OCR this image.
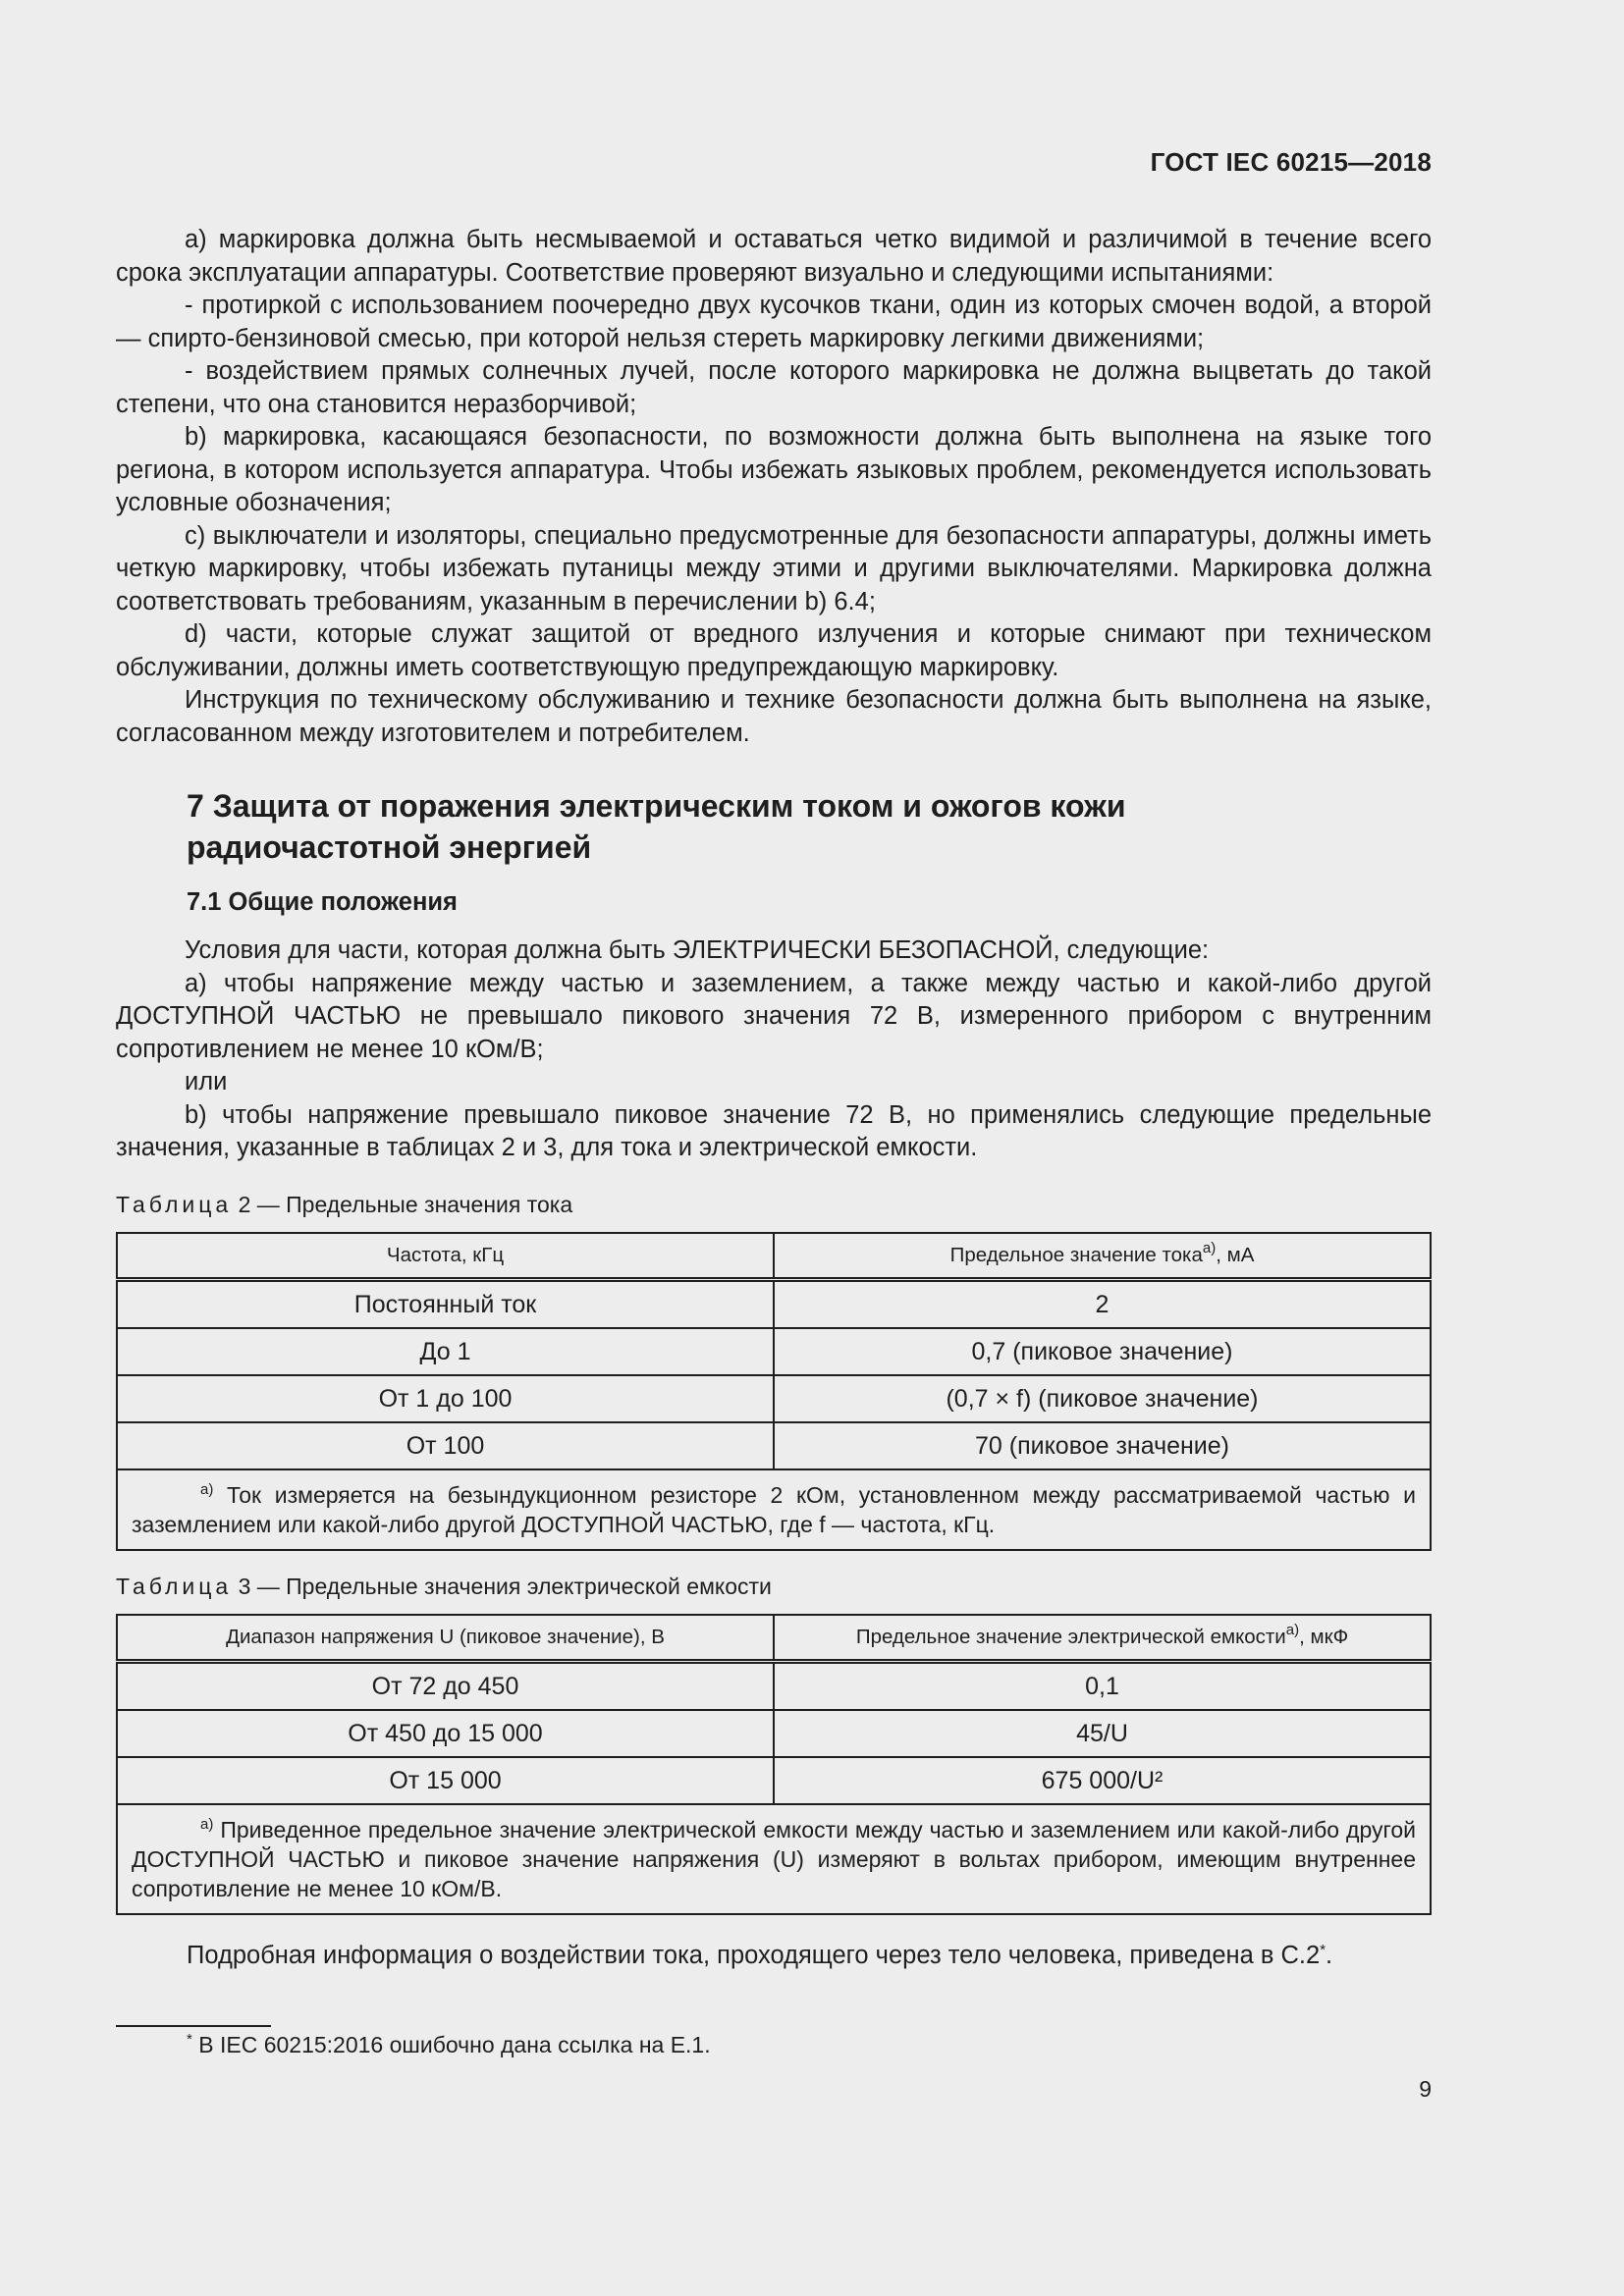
ГОСТ IEC 60215—2018

а) маркировка должна быть несмываемой и оставаться четко видимой и различимой в течение всего срока эксплуатации аппаратуры. Соответствие проверяют визуально и следующими испытаниями:

- протиркой с использованием поочередно двух кусочков ткани, один из которых смочен водой, а второй — спирто-бензиновой смесью, при которой нельзя стереть маркировку легкими движениями;

- воздействием прямых солнечных лучей, после которого маркировка не должна выцветать до такой степени, что она становится неразборчивой;

b) маркировка, касающаяся безопасности, по возможности должна быть выполнена на языке того региона, в котором используется аппаратура. Чтобы избежать языковых проблем, рекомендуется использовать условные обозначения;

c) выключатели и изоляторы, специально предусмотренные для безопасности аппаратуры, должны иметь четкую маркировку, чтобы избежать путаницы между этими и другими выключателями. Маркировка должна соответствовать требованиям, указанным в перечислении b) 6.4;

d) части, которые служат защитой от вредного излучения и которые снимают при техническом обслуживании, должны иметь соответствующую предупреждающую маркировку.

Инструкция по техническому обслуживанию и технике безопасности должна быть выполнена на языке, согласованном между изготовителем и потребителем.

7 Защита от поражения электрическим током и ожогов кожи
радиочастотной энергией
7.1 Общие положения

Условия для части, которая должна быть ЭЛЕКТРИЧЕСКИ БЕЗОПАСНОЙ, следующие:

а) чтобы напряжение между частью и заземлением, а также между частью и какой-либо другой ДОСТУПНОЙ ЧАСТЬЮ не превышало пикового значения 72 В, измеренного прибором с внутренним сопротивлением не менее 10 кОм/В;

или

b) чтобы напряжение превышало пиковое значение 72 В, но применялись следующие предельные значения, указанные в таблицах 2 и 3, для тока и электрической емкости.

Таблица 2 — Предельные значения тока
Частота, кГц	Предельное значение тока$^{а)}$, мА
Постоянный ток	2
До 1	0,7 (пиковое значение)
От 1 до 100	(0,7 × f) (пиковое значение)
От 100	70 (пиковое значение)
$^{а)}$ Ток измеряется на безындукционном резисторе 2 кОм, установленном между рассматриваемой частью и заземлением или какой-либо другой ДОСТУПНОЙ ЧАСТЬЮ, где f — частота, кГц.	
Таблица 3 — Предельные значения электрической емкости
Диапазон напряжения U (пиковое значение), В	Предельное значение электрической емкости$^{а)}$, мкФ
От 72 до 450	0,1
От 450 до 15 000	45/U
От 15 000	675 000/U²
$^{а)}$ Приведенное предельное значение электрической емкости между частью и заземлением или какой-либо другой ДОСТУПНОЙ ЧАСТЬЮ и пиковое значение напряжения (U) измеряют в вольтах прибором, имеющим внутреннее сопротивление не менее 10 кОм/В.	
Подробная информация о воздействии тока, проходящего через тело человека, приведена в С.2*.
* В IEC 60215:2016 ошибочно дана ссылка на Е.1.
9
